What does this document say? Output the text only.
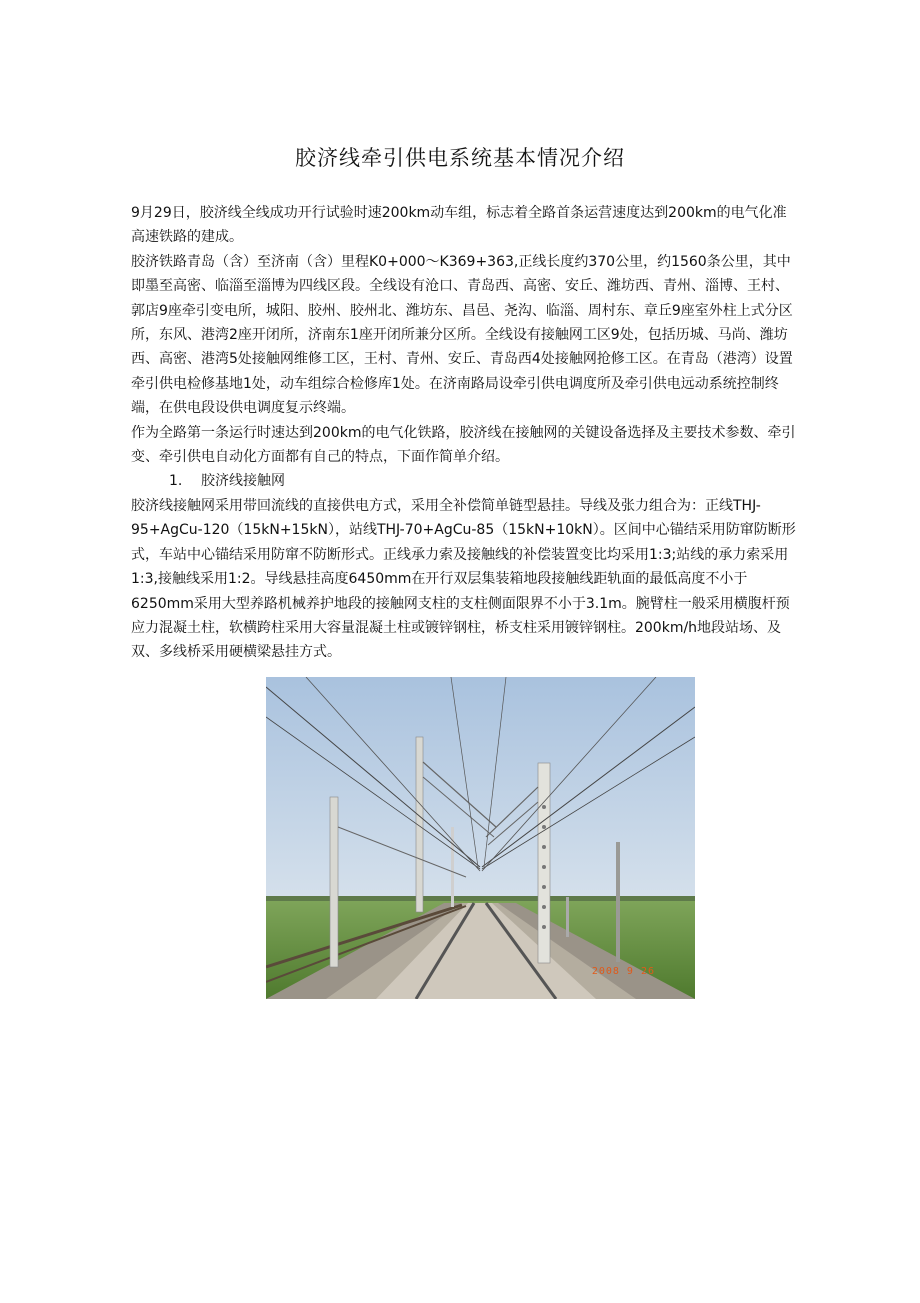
胶济线牵引供电系统基本情况介绍

9月29日，胶济线全线成功开行试验时速200km动车组，标志着全路首条运营速度达到200km的电气化准高速铁路的建成。

胶济铁路青岛（含）至济南（含）里程K0+000～K369+363,正线长度约370公里，约1560条公里，其中即墨至高密、临淄至淄博为四线区段。全线设有沧口、青岛西、高密、安丘、潍坊西、青州、淄博、王村、郭店9座牵引变电所，城阳、胶州、胶州北、潍坊东、昌邑、尧沟、临淄、周村东、章丘9座室外柱上式分区所，东风、港湾2座开闭所，济南东1座开闭所兼分区所。全线设有接触网工区9处，包括历城、马尚、潍坊西、高密、港湾5处接触网维修工区，王村、青州、安丘、青岛西4处接触网抢修工区。在青岛（港湾）设置牵引供电检修基地1处，动车组综合检修库1处。在济南路局设牵引供电调度所及牵引供电远动系统控制终端，在供电段设供电调度复示终端。

作为全路第一条运行时速达到200km的电气化铁路，胶济线在接触网的关键设备选择及主要技术参数、牵引变、牵引供电自动化方面都有自己的特点，下面作简单介绍。

1. 胶济线接触网

胶济线接触网采用带回流线的直接供电方式，采用全补偿简单链型悬挂。导线及张力组合为：正线THJ-95+AgCu-120（15kN+15kN），站线THJ-70+AgCu-85（15kN+10kN）。区间中心锚结采用防窜防断形式，车站中心锚结采用防窜不防断形式。正线承力索及接触线的补偿装置变比均采用1:3;站线的承力索采用1:3,接触线采用1:2。导线悬挂高度6450mm在开行双层集装箱地段接触线距轨面的最低高度不小于6250mm采用大型养路机械养护地段的接触网支柱的支柱侧面限界不小于3.1m。腕臂柱一般采用横腹杆预应力混凝土柱，软横跨柱采用大容量混凝土柱或镀锌钢柱，桥支柱采用镀锌钢柱。200km/h地段站场、及双、多线桥采用硬横梁悬挂方式。

2008 9 26
